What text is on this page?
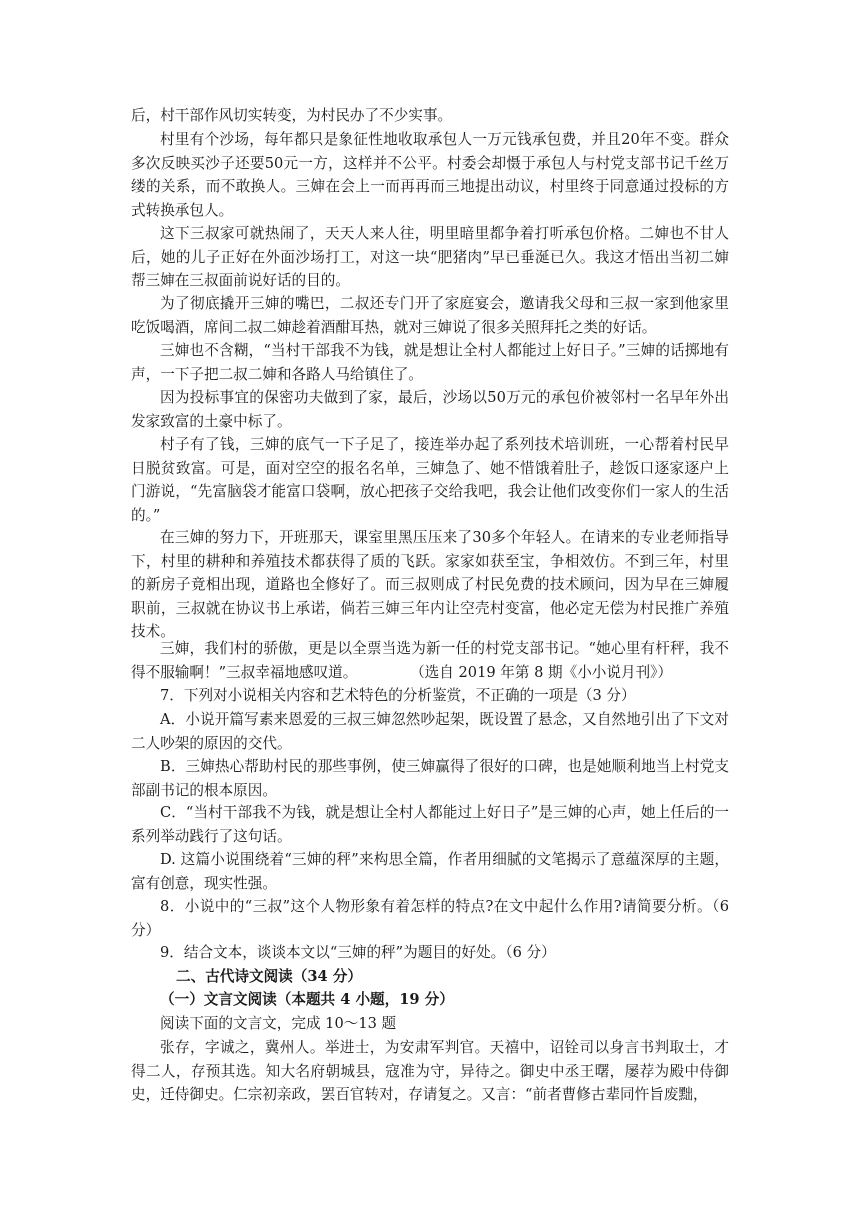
后，村干部作风切实转变，为村民办了不少实事。
村里有个沙场，每年都只是象征性地收取承包人一万元钱承包费，并且20年不变。群众多次反映买沙子还要50元一方，这样并不公平。村委会却慑于承包人与村党支部书记千丝万缕的关系，而不敢换人。三婶在会上一而再再而三地提出动议，村里终于同意通过投标的方式转换承包人。
这下三叔家可就热闹了，天天人来人往，明里暗里都争着打听承包价格。二婶也不甘人后，她的儿子正好在外面沙场打工，对这一块“肥猪肉”早已垂涎已久。我这才悟出当初二婶帮三婶在三叔面前说好话的目的。
为了彻底撬开三婶的嘴巴，二叔还专门开了家庭宴会，邀请我父母和三叔一家到他家里吃饭喝酒，席间二叔二婶趁着酒酣耳热，就对三婶说了很多关照拜托之类的好话。
三婶也不含糊，“当村干部我不为钱，就是想让全村人都能过上好日子。”三婶的话掷地有声，一下子把二叔二婶和各路人马给镇住了。
因为投标事宜的保密功夫做到了家，最后，沙场以50万元的承包价被邻村一名早年外出发家致富的土豪中标了。
村子有了钱，三婶的底气一下子足了，接连举办起了系列技术培训班，一心帮着村民早日脱贫致富。可是，面对空空的报名名单，三婶急了、她不惜饿着肚子，趁饭口逐家逐户上门游说，“先富脑袋才能富口袋啊，放心把孩子交给我吧，我会让他们改变你们一家人的生活的。”
在三婶的努力下，开班那天，课室里黑压压来了30多个年轻人。在请来的专业老师指导下，村里的耕种和养殖技术都获得了质的飞跃。家家如获至宝，争相效仿。不到三年，村里的新房子竟相出现，道路也全修好了。而三叔则成了村民免费的技术顾问，因为早在三婶履职前，三叔就在协议书上承诺，倘若三婶三年内让空壳村变富，他必定无偿为村民推广养殖技术。
三婶，我们村的骄傲，更是以全票当选为新一任的村党支部书记。“她心里有杆秤，我不得不服输啊！”三叔幸福地感叹道。	（选自 2019 年第 8 期《小小说月刊》）
7．下列对小说相关内容和艺术特色的分析鉴赏，不正确的一项是（3 分）
A．小说开篇写素来恩爱的三叔三婶忽然吵起架，既设置了悬念，又自然地引出了下文对二人吵架的原因的交代。
B．三婶热心帮助村民的那些事例，使三婶赢得了很好的口碑，也是她顺利地当上村党支部副书记的根本原因。
C．“当村干部我不为钱，就是想让全村人都能过上好日子”是三婶的心声，她上任后的一系列举动践行了这句话。
D. 这篇小说围绕着“三婶的秤”来构思全篇，作者用细腻的文笔揭示了意蕴深厚的主题，富有创意，现实性强。
8．小说中的“三叔”这个人物形象有着怎样的特点?在文中起什么作用?请简要分析。（6 分）
9．结合文本，谈谈本文以“三婶的秤”为题目的好处。（6 分）
二、古代诗文阅读（34 分）
（一）文言文阅读（本题共 4 小题，19 分）
阅读下面的文言文，完成 10～13 题
张存，字诚之，冀州人。举进士，为安肃军判官。天禧中，诏铨司以身言书判取士，才得二人，存预其选。知大名府朝城县，寇准为守，异待之。御史中丞王曙，屡荐为殿中侍御史，迁侍御史。仁宗初亲政，罢百官转对，存请复之。又言：“前者曹修古辈同忤旨废黜，
